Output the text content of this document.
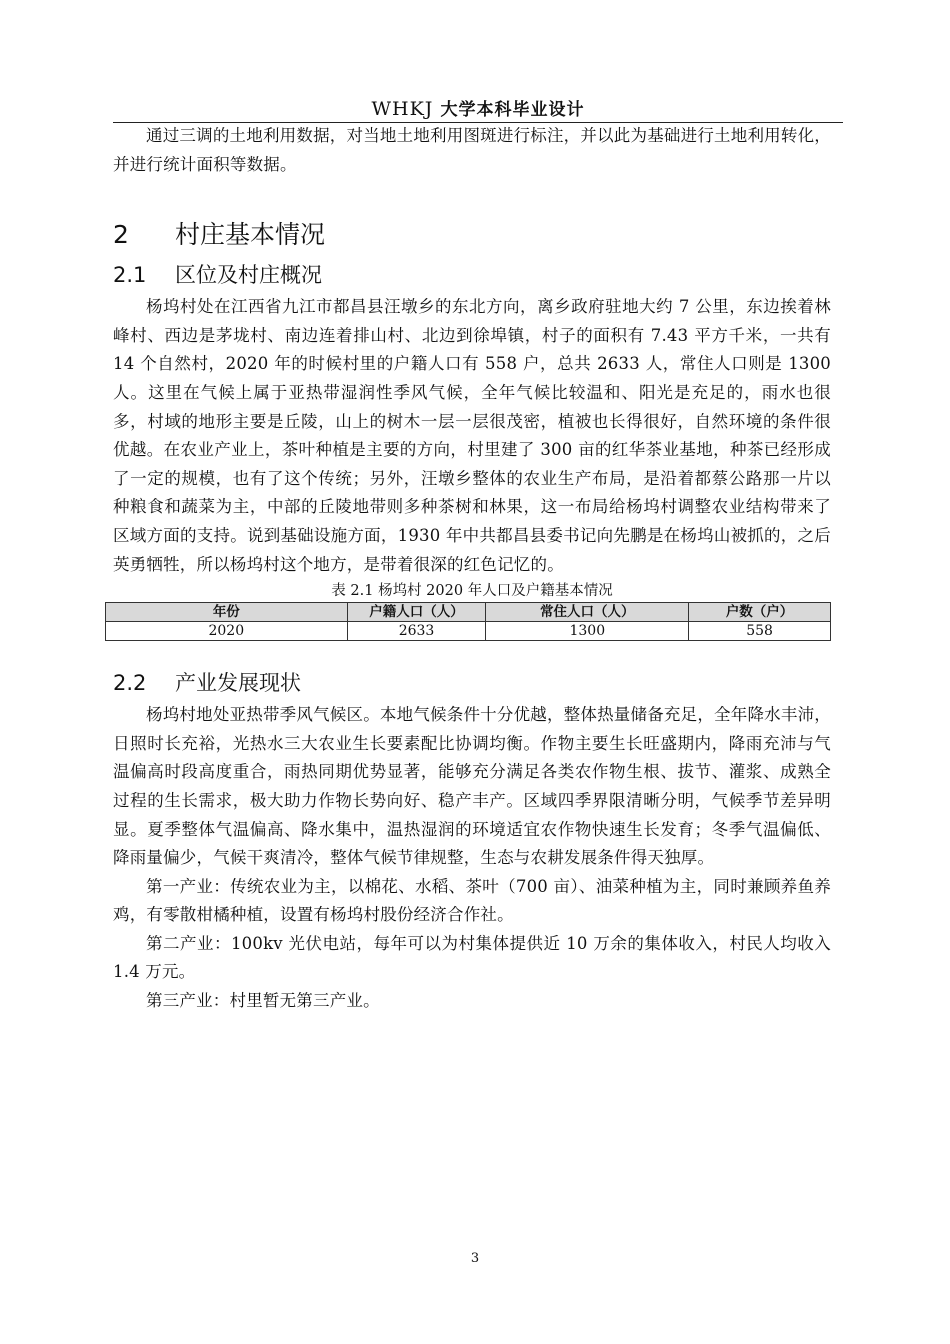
WHKJ 大学本科毕业设计

通过三调的土地利用数据，对当地土地利用图斑进行标注，并以此为基础进行土地利用转化，并进行统计面积等数据。

2 村庄基本情况
2.1 区位及村庄概况

杨坞村处在江西省九江市都昌县汪墩乡的东北方向，离乡政府驻地大约 7 公里，东边挨着林峰村、西边是茅垅村、南边连着排山村、北边到徐埠镇，村子的面积有 7.43 平方千米，一共有 14 个自然村，2020 年的时候村里的户籍人口有 558 户，总共 2633 人，常住人口则是 1300 人。这里在气候上属于亚热带湿润性季风气候，全年气候比较温和、阳光是充足的，雨水也很多，村域的地形主要是丘陵，山上的树木一层一层很茂密，植被也长得很好，自然环境的条件很优越。在农业产业上，茶叶种植是主要的方向，村里建了 300 亩的红华茶业基地，种茶已经形成了一定的规模，也有了这个传统；另外，汪墩乡整体的农业生产布局，是沿着都蔡公路那一片以种粮食和蔬菜为主，中部的丘陵地带则多种茶树和林果，这一布局给杨坞村调整农业结构带来了区域方面的支持。说到基础设施方面，1930 年中共都昌县委书记向先鹏是在杨坞山被抓的，之后英勇牺牲，所以杨坞村这个地方，是带着很深的红色记忆的。

表 2.1 杨坞村 2020 年人口及户籍基本情况
年份	户籍人口（人）	常住人口（人）	户数（户）
2020	2633	1300	558
2.2 产业发展现状

杨坞村地处亚热带季风气候区。本地气候条件十分优越，整体热量储备充足，全年降水丰沛，日照时长充裕，光热水三大农业生长要素配比协调均衡。作物主要生长旺盛期内，降雨充沛与气温偏高时段高度重合，雨热同期优势显著，能够充分满足各类农作物生根、拔节、灌浆、成熟全过程的生长需求，极大助力作物长势向好、稳产丰产。区域四季界限清晰分明，气候季节差异明显。夏季整体气温偏高、降水集中，温热湿润的环境适宜农作物快速生长发育；冬季气温偏低、降雨量偏少，气候干爽清冷，整体气候节律规整，生态与农耕发展条件得天独厚。

第一产业：传统农业为主，以棉花、水稻、茶叶（700 亩）、油菜种植为主，同时兼顾养鱼养鸡，有零散柑橘种植，设置有杨坞村股份经济合作社。

第二产业：100kv 光伏电站，每年可以为村集体提供近 10 万余的集体收入，村民人均收入 1.4 万元。

第三产业：村里暂无第三产业。

3
